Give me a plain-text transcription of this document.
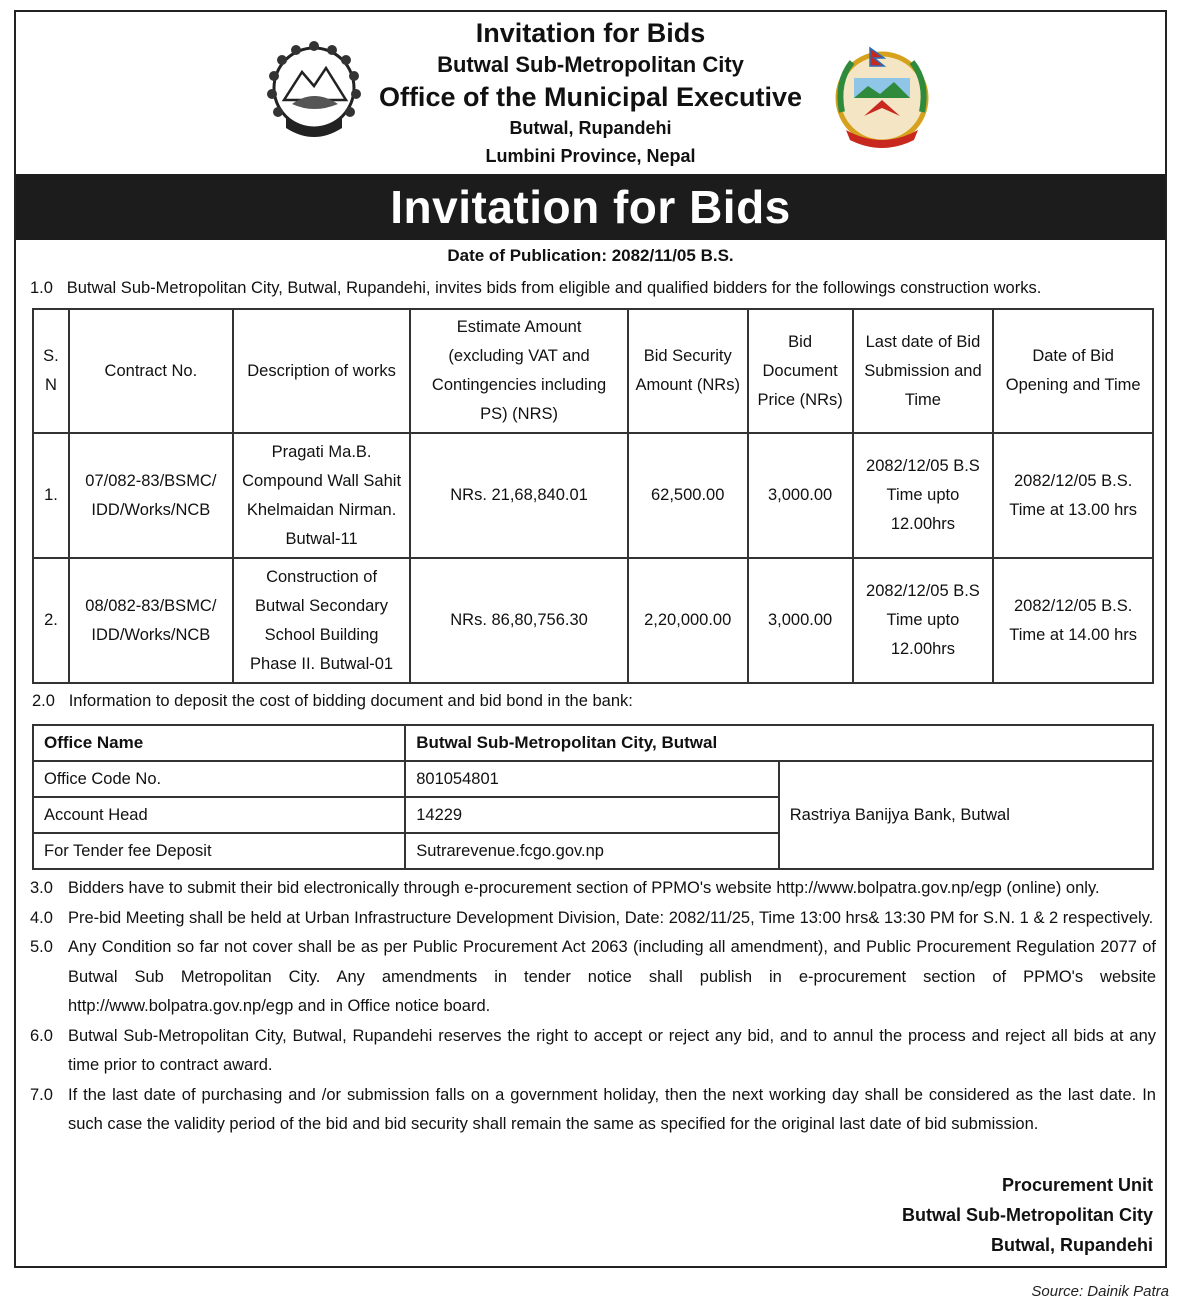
Invitation for Bids
Butwal Sub-Metropolitan City
Office of the Municipal Executive
Butwal, Rupandehi
Lumbini Province, Nepal
Invitation for Bids
Date of Publication: 2082/11/05 B.S.
1.0 Butwal Sub-Metropolitan City, Butwal, Rupandehi, invites bids from eligible and qualified bidders for the followings construction works.
S. N	Contract No.	Description of works	Estimate Amount (excluding VAT and Contingencies including PS) (NRS)	Bid Security Amount (NRs)	Bid Document Price (NRs)	Last date of Bid Submission and Time	Date of Bid Opening and Time
1.	07/082-83/BSMC/ IDD/Works/NCB	Pragati Ma.B. Compound Wall Sahit Khelmaidan Nirman. Butwal-11	NRs. 21,68,840.01	62,500.00	3,000.00	2082/12/05 B.S Time upto 12.00hrs	2082/12/05 B.S. Time at 13.00 hrs
2.	08/082-83/BSMC/ IDD/Works/NCB	Construction of Butwal Secondary School Building Phase II. Butwal-01	NRs. 86,80,756.30	2,20,000.00	3,000.00	2082/12/05 B.S Time upto 12.00hrs	2082/12/05 B.S. Time at 14.00 hrs
2.0 Information to deposit the cost of bidding document and bid bond in the bank:
Office Name	Butwal Sub-Metropolitan City, Butwal	
Office Code No.	801054801	Rastriya Banijya Bank, Butwal
Account Head	14229	
For Tender fee Deposit	Sutrarevenue.fcgo.gov.np	
3.0 Bidders have to submit their bid electronically through e-procurement section of PPMO's website http://www.bolpatra.gov.np/egp (online) only.
4.0 Pre-bid Meeting shall be held at Urban Infrastructure Development Division, Date: 2082/11/25, Time 13:00 hrs& 13:30 PM for S.N. 1 & 2 respectively.
5.0 Any Condition so far not cover shall be as per Public Procurement Act 2063 (including all amendment), and Public Procurement Regulation 2077 of Butwal Sub Metropolitan City. Any amendments in tender notice shall publish in e-procurement section of PPMO's website http://www.bolpatra.gov.np/egp and in Office notice board.
6.0 Butwal Sub-Metropolitan City, Butwal, Rupandehi reserves the right to accept or reject any bid, and to annul the process and reject all bids at any time prior to contract award.
7.0 If the last date of purchasing and /or submission falls on a government holiday, then the next working day shall be considered as the last date. In such case the validity period of the bid and bid security shall remain the same as specified for the original last date of bid submission.
Procurement Unit
Butwal Sub-Metropolitan City
Butwal, Rupandehi
Source: Dainik Patra
